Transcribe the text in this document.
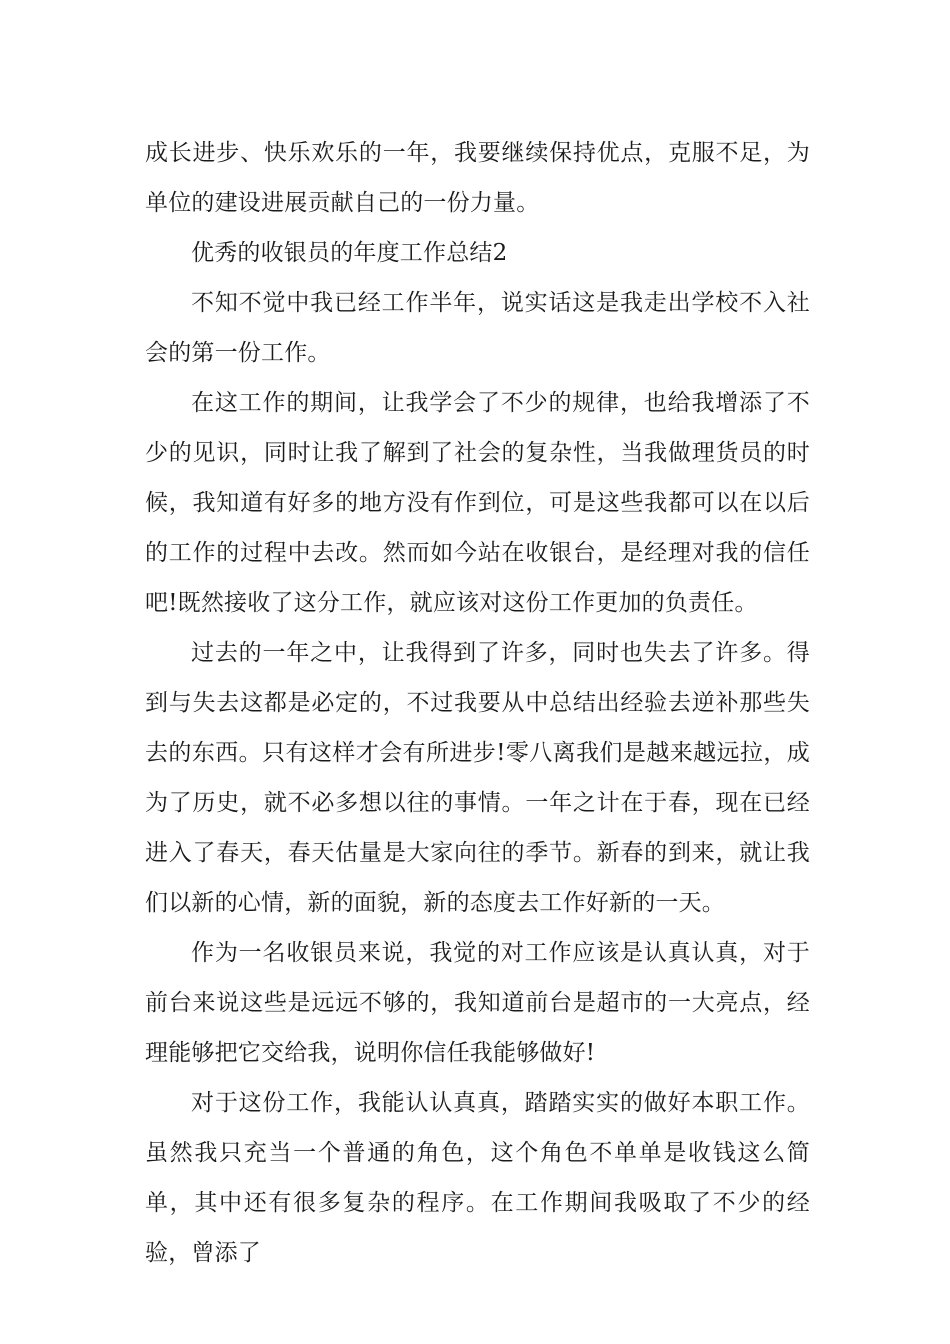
成长进步、快乐欢乐的一年，我要继续保持优点，克服不足，为单位的建设进展贡献自己的一份力量。

优秀的收银员的年度工作总结2

不知不觉中我已经工作半年，说实话这是我走出学校不入社会的第一份工作。

在这工作的期间，让我学会了不少的规律，也给我增添了不少的见识，同时让我了解到了社会的复杂性，当我做理货员的时候，我知道有好多的地方没有作到位，可是这些我都可以在以后的工作的过程中去改。然而如今站在收银台，是经理对我的信任吧!既然接收了这分工作，就应该对这份工作更加的负责任。

过去的一年之中，让我得到了许多，同时也失去了许多。得到与失去这都是必定的，不过我要从中总结出经验去逆补那些失去的东西。只有这样才会有所进步!零八离我们是越来越远拉，成为了历史，就不必多想以往的事情。一年之计在于春，现在已经进入了春天，春天估量是大家向往的季节。新春的到来，就让我们以新的心情，新的面貌，新的态度去工作好新的一天。

作为一名收银员来说，我觉的对工作应该是认真认真，对于前台来说这些是远远不够的，我知道前台是超市的一大亮点，经理能够把它交给我，说明你信任我能够做好!

对于这份工作，我能认认真真，踏踏实实的做好本职工作。虽然我只充当一个普通的角色，这个角色不单单是收钱这么简单，其中还有很多复杂的程序。在工作期间我吸取了不少的经验，曾添了
